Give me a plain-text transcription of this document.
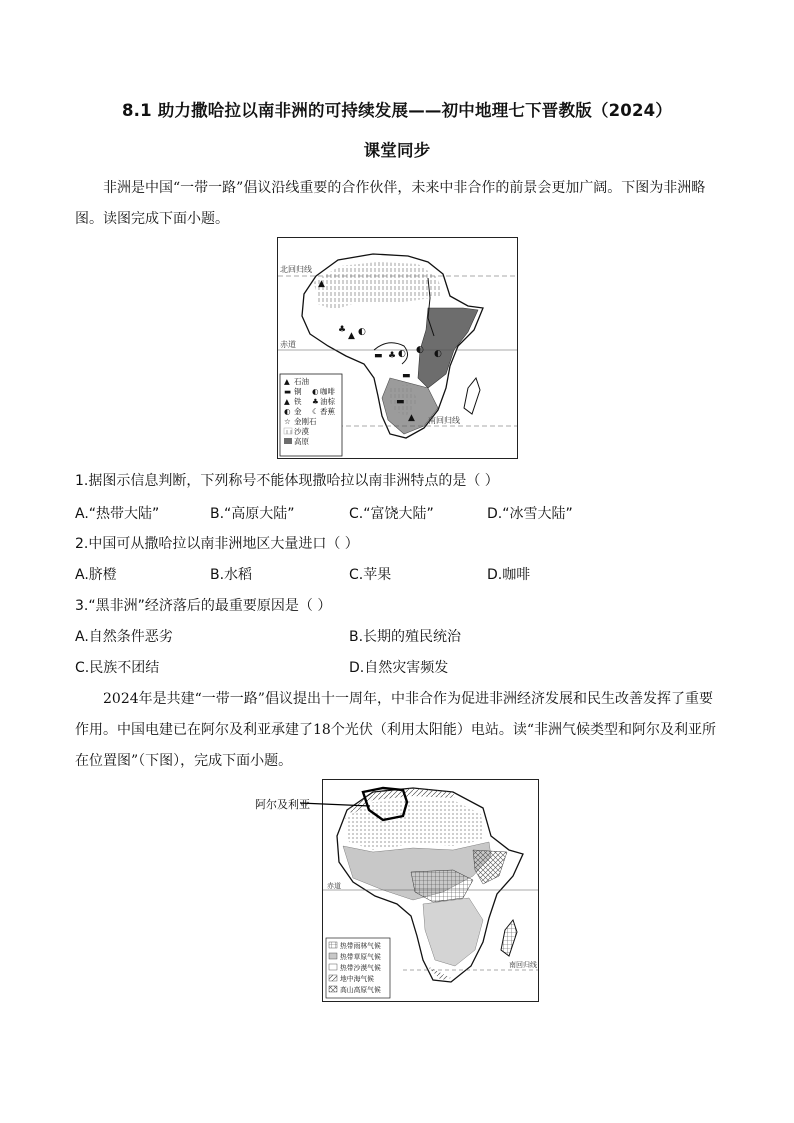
8.1 助力撒哈拉以南非洲的可持续发展——初中地理七下晋教版（2024）
课堂同步
非洲是中国“一带一路”倡议沿线重要的合作伙伴，未来中非合作的前景会更加广阔。下图为非洲略图。读图完成下面小题。
北回归线
赤道
南回归线
▲
♣ ◐
▬ ◐ ◐ ◐
▬
▬
▲
♣
▲
▲ 石油
▬ 铜 ◐ 咖啡
▲ 铁 ♣ 油棕
◐ 金 ☾ 香蕉
☆ 金刚石
沙漠
高原
1.据图示信息判断，下列称号不能体现撒哈拉以南非洲特点的是（ ）
A.“热带大陆”	B.“高原大陆”	C.“富饶大陆”	D.“冰雪大陆”
2.中国可从撒哈拉以南非洲地区大量进口（ ）
A.脐橙	B.水稻	C.苹果	D.咖啡
3.“黑非洲”经济落后的最重要原因是（ ）
A.自然条件恶劣	B.长期的殖民统治
C.民族不团结	D.自然灾害频发
2024年是共建“一带一路”倡议提出十一周年，中非合作为促进非洲经济发展和民生改善发挥了重要作用。中国电建已在阿尔及利亚承建了18个光伏（利用太阳能）电站。读“非洲气候类型和阿尔及利亚所在位置图”（下图），完成下面小题。
赤道
南回归线
热带雨林气候
热带草原气候
热带沙漠气候
地中海气候
高山高原气候
阿尔及利亚
